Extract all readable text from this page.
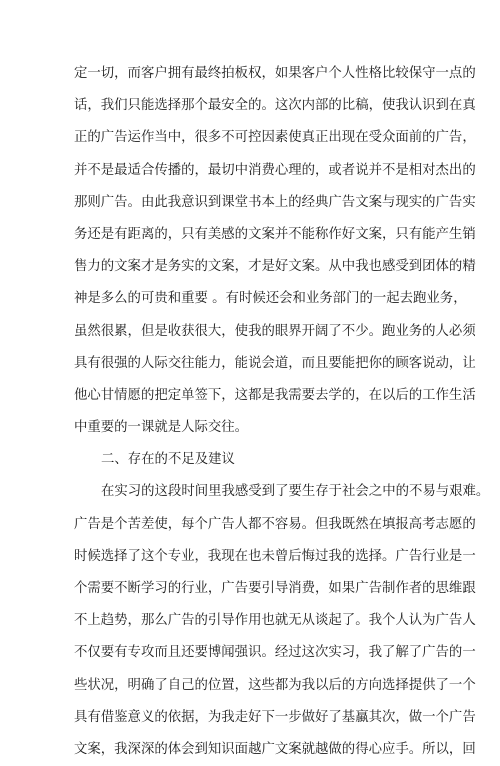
定一切，而客户拥有最终拍板权，如果客户个人性格比较保守一点的
话，我们只能选择那个最安全的。这次内部的比稿，使我认识到在真
正的广告运作当中，很多不可控因素使真正出现在受众面前的广告，
并不是最适合传播的，最切中消费心理的，或者说并不是相对杰出的
那则广告。由此我意识到课堂书本上的经典广告文案与现实的广告实
务还是有距离的，只有美感的文案并不能称作好文案，只有能产生销
售力的文案才是务实的文案，才是好文案。从中我也感受到团体的精
神是多么的可贵和重要 。有时候还会和业务部门的一起去跑业务，
虽然很累，但是收获很大，使我的眼界开阔了不少。跑业务的人必须
具有很强的人际交往能力，能说会道，而且要能把你的顾客说动，让
他心甘情愿的把定单签下，这都是我需要去学的，在以后的工作生活
中重要的一课就是人际交往。
二、存在的不足及建议
在实习的这段时间里我感受到了要生存于社会之中的不易与艰难。
广告是个苦差使，每个广告人都不容易。但我既然在填报高考志愿的
时候选择了这个专业，我现在也未曾后悔过我的选择。广告行业是一
个需要不断学习的行业，广告要引导消费，如果广告制作者的思维跟
不上趋势，那么广告的引导作用也就无从谈起了。我个人认为广告人
不仅要有专攻而且还要博闻强识。经过这次实习，我了解了广告的一
些状况，明确了自己的位置，这些都为我以后的方向选择提供了一个
具有借鉴意义的依据，为我走好下一步做好了基蠃其次，做一个广告
文案，我深深的体会到知识面越广文案就越做的得心应手。所以，回
